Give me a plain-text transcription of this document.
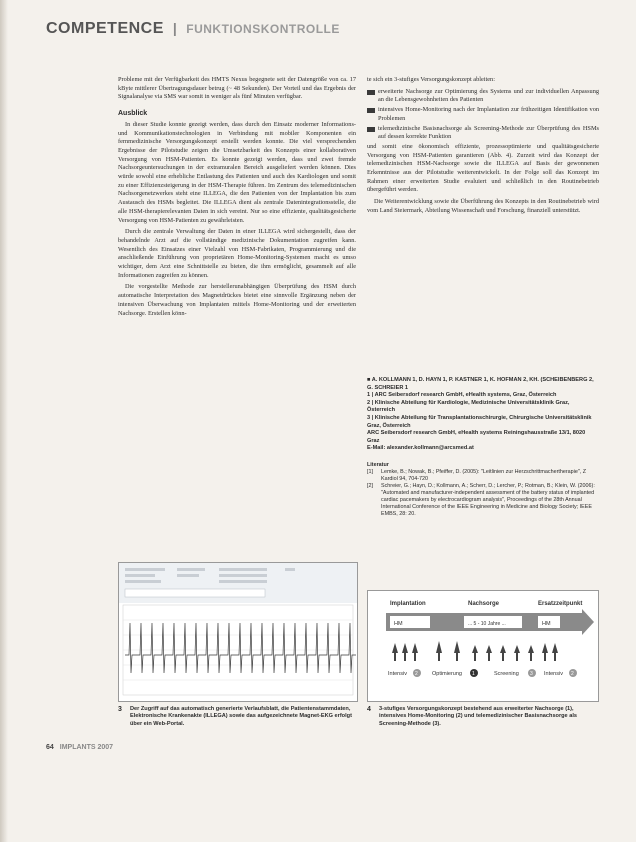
COMPETENCE | FUNKTIONSKONTROLLE

Probleme mit der Verfügbarkeit des HMTS Nexus begegnete seit der Datengröße von ca. 17 kByte mittlerer Übertragungsdauer betrug (~ 48 Sekunden). Der Vorteil und das Ergebnis der Signalanalyse via SMS war somit in weniger als fünf Minuten verfügbar.

Ausblick

In dieser Studie konnte gezeigt werden, dass durch den Einsatz moderner Informations- und Kommunikationstechnologien in Verbindung mit mobiler Komponenten ein fernmedizinische Versorgungskonzept erstellt werden konnte. Die viel versprechenden Ergebnisse der Pilotstudie zeigen die Umsetzbarkeit des Konzepts einer kollaborativen Versorgung von HSM-Patienten. Es konnte gezeigt werden, dass und zwei fremde Nachsorgeuntersuchungen in der extramuralen Bereich ausgeliefert werden können. Dies würde sowohl eine erhebliche Entlastung des Patienten und auch des Kardiologen und somit zu einer Effizienzsteigerung in der HSM-Therapie führen. Im Zentrum des telemedizinischen Nachsorgenetzwerkes steht eine ILLEGA, die den Patienten von der Implantation bis zum Austausch des HSMs begleitet. Die ILLEGA dient als zentrale Datenintegrationsstelle, die alle HSM-therapierelevanten Daten in sich vereint. Nur so eine effiziente, qualitätsgesicherte Versorgung von HSM-Patienten zu gewährleisten.

Durch die zentrale Verwaltung der Daten in einer ILLEGA wird sichergestellt, dass der behandelnde Arzt auf die vollständige medizinische Dokumentation zugreifen kann. Wesentlich des Einsatzes einer Vielzahl von HSM-Fabrikaten, Programmierung und die anschließende Einführung von proprietären Home-Monitoring-Systemen macht es umso wichtiger, dem Arzt eine Schnittstelle zu bieten, die ihm ermöglicht, gesammelt auf alle Informationen zugreifen zu können.

Die vorgestellte Methode zur herstellerunabhängigen Überprüfung des HSM durch automatische Interpretation des Magnetdrückes bietet eine sinnvolle Ergänzung neben der intensiven Überwachung von Implantaten mittels Home-Monitoring und der erweiterten Nachsorge. Erstellen könn-

te sich ein 3-stufiges Versorgungskonzept ableiten:

erweiterte Nachsorge zur Optimierung des Systems und zur individuellen Anpassung an die Lebensgewohnheiten des Patienten
intensives Home-Monitoring nach der Implantation zur frühzeitigen Identifikation von Problemen
telemedizinische Basisnachsorge als Screening-Methode zur Überprüfung des HSMs auf dessen korrekte Funktion

und somit eine ökonomisch effiziente, prozessoptimierte und qualitätsgesicherte Versorgung von HSM-Patienten garantieren (Abb. 4). Zurzeit wird das Konzept der telemedizinischen HSM-Nachsorge sowie die ILLEGA auf Basis der gewonnenen Erkenntnisse aus der Pilotstudie weiterentwickelt. In der Folge soll das Konzept im Rahmen einer erweiterten Studie evaluiert und schließlich in den Routinebetrieb übergeführt werden.

Die Weiterentwicklung sowie die Überführung des Konzepts in den Routinebetrieb wird vom Land Steiermark, Abteilung Wissenschaft und Forschung, finanziell unterstützt.

■ A. KOLLMANN 1, D. HAYN 1, P. KASTNER 1, K. HOFMAN 2, KH. (SCHEIBENBERG 2, G. SCHREIER 1
1 | ARC Seibersdorf research GmbH, eHealth systems, Graz, Österreich
2 | Klinische Abteilung für Kardiologie, Medizinische Universitätsklinik Graz, Österreich
3 | Klinische Abteilung für Transplantationschirurgie, Chirurgische Universitätsklinik Graz, Österreich
ARC Seibersdorf research GmbH, eHealth systems Reiningshausstraße 13/1, 8020 Graz
E-Mail: alexander.kollmann@arcsmed.at
Literatur
[1]	Lemke, B.; Nowak, B.; Pfeiffer, D. (2005): "Leitlinien zur Herzschrittmachertherapie", Z Kardiol 94, 704-720
[2]	Schreier, G.; Hayn, D.; Kollmann, A.; Scherr, D.; Lercher, P.; Rotman, B.; Klein, W. (2006): "Automated and manufacturer-independent assessment of the battery status of implanted cardiac pacemakers by electrocardiogram analysis", Proceedings of the 28th Annual International Conference of the IEEE Engineering in Medicine and Biology Society; IEEE EMBS, 28: 20.
3 Der Zugriff auf das automatisch generierte Verlaufsblatt, die Patientenstammdaten, Elektronische Krankenakte (ILLEGA) sowie das aufgezeichnete Magnet-EKG erfolgt über ein Web-Portal.
Implantation	Nachsorge	Ersatzzeitpunkt
HM	HM
... 5 - 10 Jahre ...
Intensiv 2	Optimierung 1	Screening 3 Intensiv 2
4 3-stufiges Versorgungskonzept bestehend aus erweiterter Nachsorge (1), intensives Home-Monitoring (2) und telemedizinischer Basisnachsorge als Screening-Methode (3).
64 IMPLANTS 2007
